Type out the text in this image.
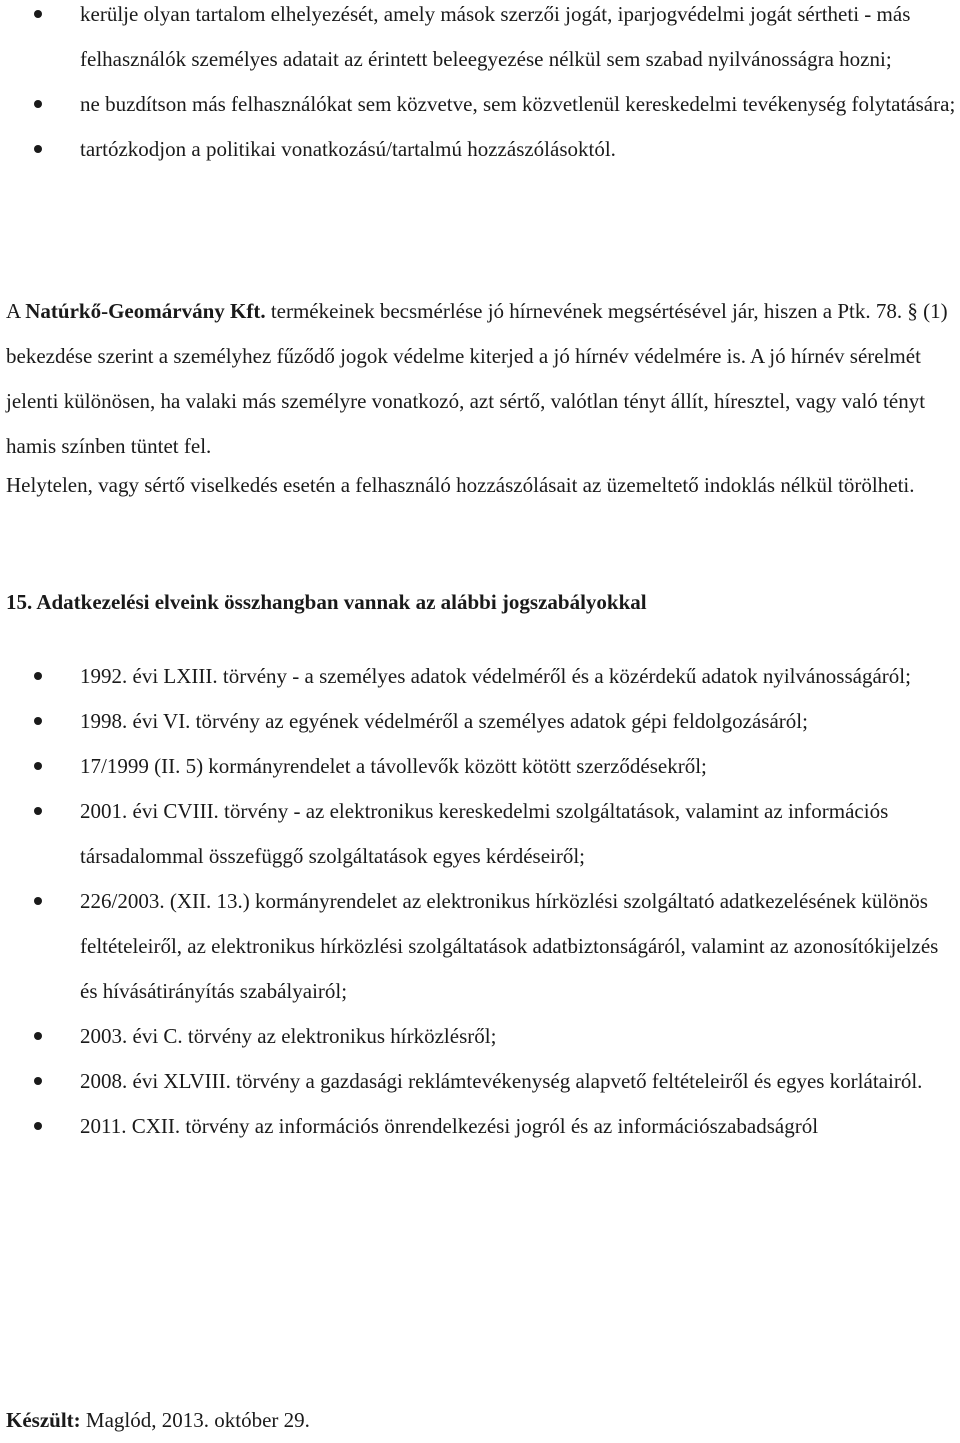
kerülje olyan tartalom elhelyezését, amely mások szerzői jogát, iparjogvédelmi jogát sértheti - más felhasználók személyes adatait az érintett beleegyezése nélkül sem szabad nyilvánosságra hozni;
ne buzdítson más felhasználókat sem közvetve, sem közvetlenül kereskedelmi tevékenység folytatására;
tartózkodjon a politikai vonatkozású/tartalmú hozzászólásoktól.

A Natúrkő-Geomárvány Kft. termékeinek becsmérlése jó hírnevének megsértésével jár, hiszen a Ptk. 78. § (1) bekezdése szerint a személyhez fűződő jogok védelme kiterjed a jó hírnév védelmére is. A jó hírnév sérelmét jelenti különösen, ha valaki más személyre vonatkozó, azt sértő, valótlan tényt állít, híresztel, vagy való tényt hamis színben tüntet fel.

Helytelen, vagy sértő viselkedés esetén a felhasználó hozzászólásait az üzemeltető indoklás nélkül törölheti.

15. Adatkezelési elveink összhangban vannak az alábbi jogszabályokkal
1992. évi LXIII. törvény - a személyes adatok védelméről és a közérdekű adatok nyilvánosságáról;
1998. évi VI. törvény az egyének védelméről a személyes adatok gépi feldolgozásáról;
17/1999 (II. 5) kormányrendelet a távollevők között kötött szerződésekről;
2001. évi CVIII. törvény - az elektronikus kereskedelmi szolgáltatások, valamint az információs társadalommal összefüggő szolgáltatások egyes kérdéseiről;
226/2003. (XII. 13.) kormányrendelet az elektronikus hírközlési szolgáltató adatkezelésének különös feltételeiről, az elektronikus hírközlési szolgáltatások adatbiztonságáról, valamint az azonosítókijelzés és hívásátirányítás szabályairól;
2003. évi C. törvény az elektronikus hírközlésről;
2008. évi XLVIII. törvény a gazdasági reklámtevékenység alapvető feltételeiről és egyes korlátairól.
2011. CXII. törvény az információs önrendelkezési jogról és az információszabadságról

Készült: Maglód, 2013. október 29.
